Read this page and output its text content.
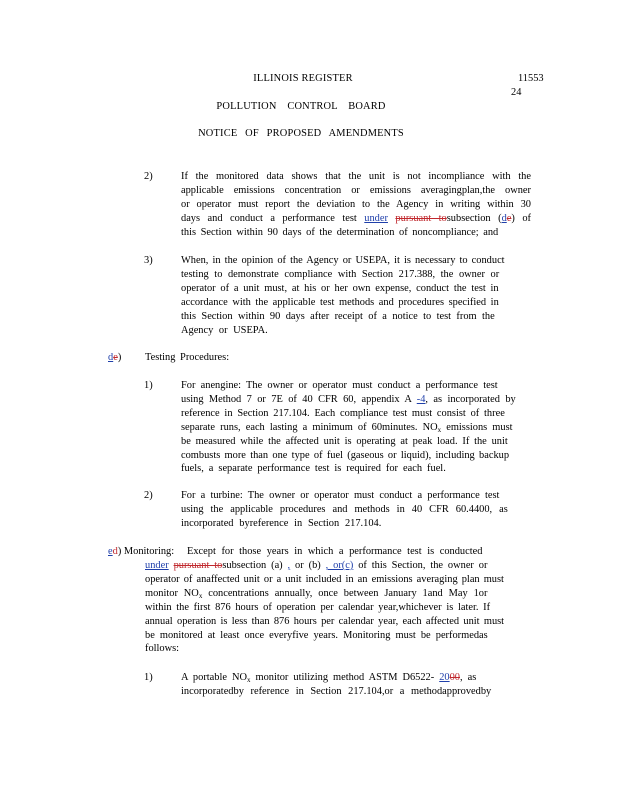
ILLINOIS REGISTER	11553
24
POLLUTION CONTROL BOARD
NOTICE OF PROPOSED AMENDMENTS
2)	If the monitored data shows that the unit is not incompliance with the
applicable emissions concentration or emissions averagingplan,the owner
or operator must report the deviation to the Agency in writing within 30
days and conduct a performance test under pursuant tosubsection (de) of
this Section within 90 days of the determination of noncompliance; and
3)	When, in the opinion of the Agency or USEPA, it is necessary to conduct
testing to demonstrate compliance with Section 217.388, the owner or
operator of a unit must, at his or her own expense, conduct the test in
accordance with the applicable test methods and procedures specified in
this Section within 90 days after receipt of a notice to test from the
Agency or USEPA.
de) Testing Procedures:
1)	For anengine: The owner or operator must conduct a performance test
using Method 7 or 7E of 40 CFR 60, appendix A -4, as incorporated by
reference in Section 217.104. Each compliance test must consist of three
separate runs, each lasting a minimum of 60minutes. $NO_x$ emissions must
be measured while the affected unit is operating at peak load. If the unit
combusts more than one type of fuel (gaseous or liquid), including backup
fuels, a separate performance test is required for each fuel.
2)	For a turbine: The owner or operator must conduct a performance test
using the applicable procedures and methods in 40 CFR 60.4400, as
incorporated byreference in Section 217.104.
ed) Monitoring: Except for those years in which a performance test is conducted
under pursuant tosubsection (a) , or (b) , or(c) of this Section, the owner or
operator of anaffected unit or a unit included in an emissions averaging plan must
monitor $NO_x$ concentrations annually, once between January 1and May 1or
within the first 876 hours of operation per calendar year,whichever is later. If
annual operation is less than 876 hours per calendar year, each affected unit must
be monitored at least once everyfive years. Monitoring must be performedas
follows:
1)	A portable $NO_x$ monitor utilizing method ASTM D6522- 2000, as
incorporatedby reference in Section 217.104,or a methodapprovedby
